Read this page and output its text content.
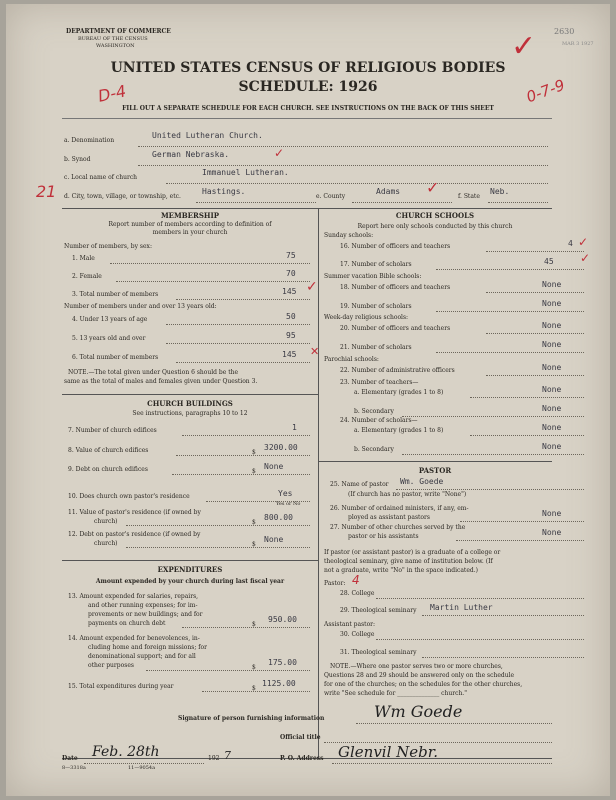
DEPARTMENT OF COMMERCE
BUREAU OF THE CENSUS
WASHINGTON
2630
MAR 3 1927
✓
UNITED STATES CENSUS OF RELIGIOUS BODIES
SCHEDULE: 1926
D-4	0-7-9
FILL OUT A SEPARATE SCHEDULE FOR EACH CHURCH. SEE INSTRUCTIONS ON THE BACK OF THIS SHEET
a. Denomination
United Lutheran Church.
b. Synod
German Nebraska.	✓
c. Local name of church
Immanuel Lutheran.
21 d. City, town, village, or township, etc.
Hastings.
e. County
Adams ✓	f. State
Neb.
MEMBERSHIP
Report number of members according to definition of
members in your church
Number of members, by sex:
1. Male	75
2. Female	70
3. Total number of members	145 ✓
Number of members under and over 13 years old:
4. Under 13 years of age	50
5. 13 years old and over	95
6. Total number of members	145 ✕
NOTE.—The total given under Question 6 should be the
same as the total of males and females given under Question 3.
CHURCH BUILDINGS
See instructions, paragraphs 10 to 12
7. Number of church edifices	1
8. Value of church edifices	$
3200.00
9. Debt on church edifices	$
None
10. Does church own pastor's residence	Yes
Yes or No
11. Value of pastor's residence (if owned by
church)	$
800.00
12. Debt on pastor's residence (if owned by
church)	$
None
EXPENDITURES
Amount expended by your church during last fiscal year
13. Amount expended for salaries, repairs,
and other running expenses; for im-
provements or new buildings; and for
payments on church debt	$
950.00
14. Amount expended for benevolences, in-
cluding home and foreign missions; for
denominational support; and for all
other purposes	$
175.00
15. Total expenditures during year	$
1125.00
CHURCH SCHOOLS
Report here only schools conducted by this church
Sunday schools:
16. Number of officers and teachers	4 ✓
17. Number of scholars	45 ✓
Summer vacation Bible schools:
18. Number of officers and teachers	None
19. Number of scholars	None
Week-day religious schools:
20. Number of officers and teachers	None
21. Number of scholars	None
Parochial schools:
22. Number of administrative officers	None
23. Number of teachers—
a. Elementary (grades 1 to 8)	None
b. Secondary	None
24. Number of scholars—
a. Elementary (grades 1 to 8)	None
b. Secondary	None
PASTOR
25. Name of pastor Wm. Goede
(If church has no pastor, write "None")
26. Number of ordained ministers, if any, em-
ployed as assistant pastors	None
27. Number of other churches served by the
pastor or his assistants	None
If pastor (or assistant pastor) is a graduate of a college or
theological seminary, give name of institution below. (If
not a graduate, write "No" in the space indicated.)
Pastor: 4
28. College
29. Theological seminary Martin Luther
Assistant pastor:
30. College
31. Theological seminary
NOTE.—Where one pastor serves two or more churches,
Questions 28 and 29 should be answered only on the schedule
for one of the churches; on the schedules for the other churches,
write "See schedule for ______________ church."
Signature of person furnishing information	Wm Goede
Official title
Date Feb. 28th	192 7	P. O. Address Glenvil Nebr.
8—3318a	11—9054a
